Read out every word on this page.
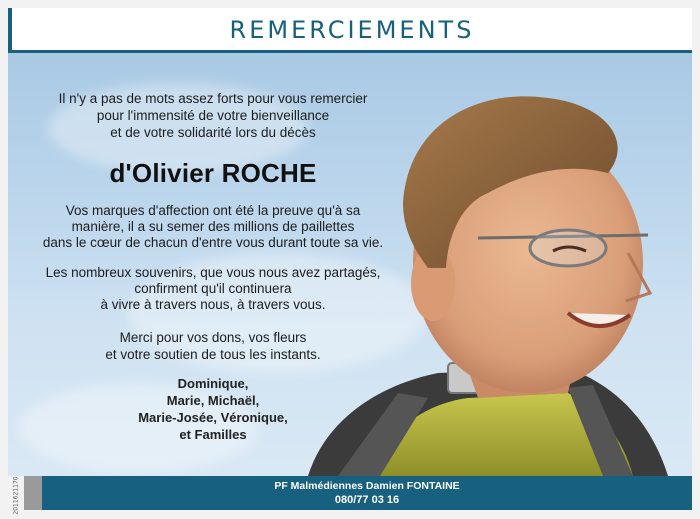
REMERCIEMENTS
Il n'y a pas de mots assez forts pour vous remercier
pour l'immensité de votre bienveillance
et de votre solidarité lors du décès
d'Olivier ROCHE
Vos marques d'affection ont été la preuve qu'à sa
manière, il a su semer des millions de paillettes
dans le cœur de chacun d'entre vous durant toute sa vie.
Les nombreux souvenirs, que vous nous avez partagés,
confirment qu'il continuera
à vivre à travers nous, à travers vous.
Merci pour vos dons, vos fleurs
et votre soutien de tous les instants.
Dominique,
Marie, Michaël,
Marie-Josée, Véronique,
et Familles
2011621170	PF Malmédiennes Damien FONTAINE
080/77 03 16
